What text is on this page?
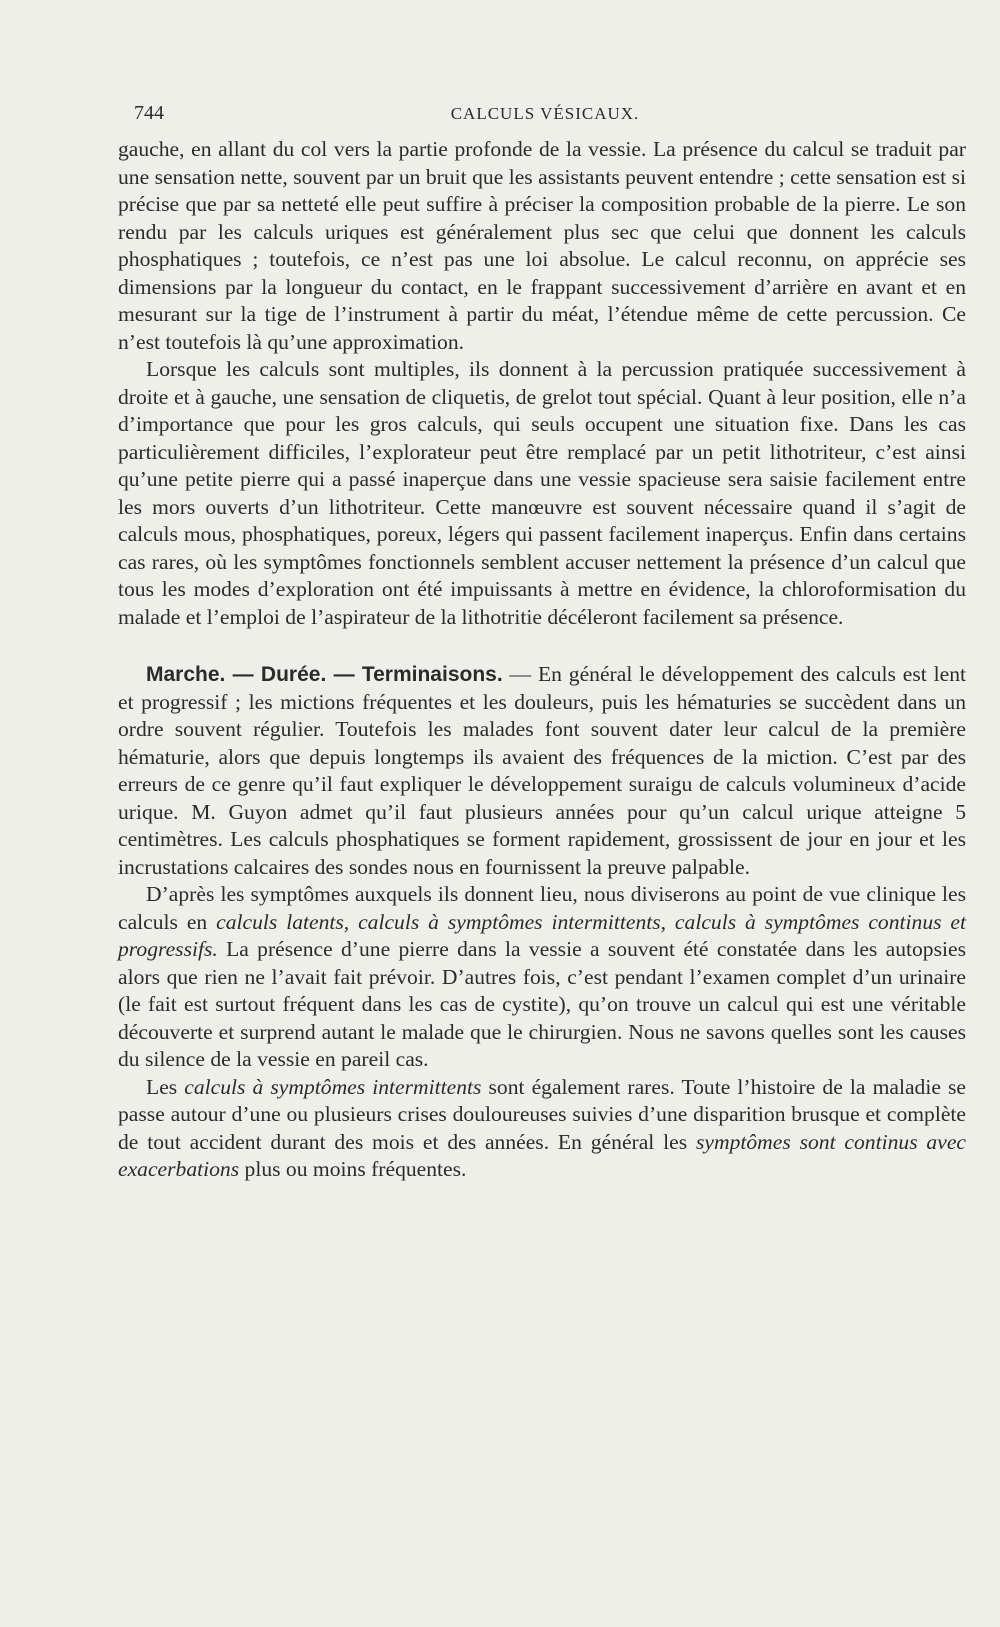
744	CALCULS VÉSICAUX.

gauche, en allant du col vers la partie profonde de la vessie. La présence du calcul se traduit par une sensation nette, souvent par un bruit que les assistants peuvent entendre ; cette sensation est si précise que par sa netteté elle peut suffire à préciser la composition probable de la pierre. Le son rendu par les calculs uriques est généralement plus sec que celui que donnent les calculs phosphatiques ; toutefois, ce n’est pas une loi absolue. Le calcul reconnu, on apprécie ses dimensions par la longueur du contact, en le frappant successivement d’arrière en avant et en mesurant sur la tige de l’instrument à partir du méat, l’étendue même de cette percussion. Ce n’est toutefois là qu’une approximation.

Lorsque les calculs sont multiples, ils donnent à la percussion pratiquée successivement à droite et à gauche, une sensation de cliquetis, de grelot tout spécial. Quant à leur position, elle n’a d’importance que pour les gros calculs, qui seuls occupent une situation fixe. Dans les cas particulièrement difficiles, l’explorateur peut être remplacé par un petit lithotriteur, c’est ainsi qu’une petite pierre qui a passé inaperçue dans une vessie spacieuse sera saisie facilement entre les mors ouverts d’un lithotriteur. Cette manœuvre est souvent nécessaire quand il s’agit de calculs mous, phosphatiques, poreux, légers qui passent facilement inaperçus. Enfin dans certains cas rares, où les symptômes fonctionnels semblent accuser nettement la présence d’un calcul que tous les modes d’exploration ont été impuissants à mettre en évidence, la chloroformisation du malade et l’emploi de l’aspirateur de la lithotritie décéleront facilement sa présence.

Marche. — Durée. — Terminaisons. — En général le développement des calculs est lent et progressif ; les mictions fréquentes et les douleurs, puis les hématuries se succèdent dans un ordre souvent régulier. Toutefois les malades font souvent dater leur calcul de la première hématurie, alors que depuis longtemps ils avaient des fréquences de la miction. C’est par des erreurs de ce genre qu’il faut expliquer le développement suraigu de calculs volumineux d’acide urique. M. Guyon admet qu’il faut plusieurs années pour qu’un calcul urique atteigne 5 centimètres. Les calculs phosphatiques se forment rapidement, grossissent de jour en jour et les incrustations calcaires des sondes nous en fournissent la preuve palpable.

D’après les symptômes auxquels ils donnent lieu, nous diviserons au point de vue clinique les calculs en calculs latents, calculs à symptômes intermittents, calculs à symptômes continus et progressifs. La présence d’une pierre dans la vessie a souvent été constatée dans les autopsies alors que rien ne l’avait fait prévoir. D’autres fois, c’est pendant l’examen complet d’un urinaire (le fait est surtout fréquent dans les cas de cystite), qu’on trouve un calcul qui est une véritable découverte et surprend autant le malade que le chirurgien. Nous ne savons quelles sont les causes du silence de la vessie en pareil cas.

Les calculs à symptômes intermittents sont également rares. Toute l’histoire de la maladie se passe autour d’une ou plusieurs crises douloureuses suivies d’une disparition brusque et complète de tout accident durant des mois et des années. En général les symptômes sont continus avec exacerbations plus ou moins fréquentes.
